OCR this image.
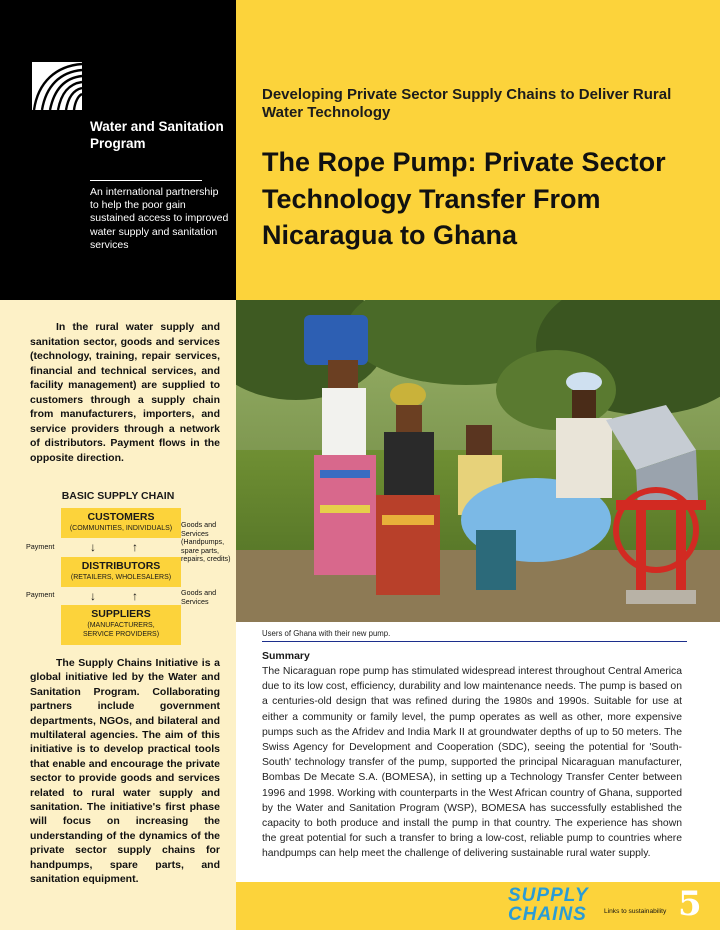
Water and Sanitation Program
An international partnership to help the poor gain sustained access to improved water supply and sanitation services
Developing Private Sector Supply Chains to Deliver Rural Water Technology
The Rope Pump: Private Sector Technology Transfer From Nicaragua to Ghana
In the rural water supply and sanitation sector, goods and services (technology, training, repair services, financial and technical services, and facility management) are supplied to customers through a supply chain from manufacturers, importers, and service providers through a network of distributors. Payment flows in the opposite direction.
BASIC SUPPLY CHAIN
CUSTOMERS
(COMMUNITIES, INDIVIDUALS)
DISTRIBUTORS
(RETAILERS, WHOLESALERS)
SUPPLIERS
(MANUFACTURERS, SERVICE PROVIDERS)
↓	↑
Payment
Goods and Services (Handpumps, spare parts, repairs, credits)
↓	↑
Payment	Goods and Services
The Supply Chains Initiative is a global initiative led by the Water and Sanitation Program. Collaborating partners include government departments, NGOs, and bilateral and multilateral agencies. The aim of this initiative is to develop practical tools that enable and encourage the private sector to provide goods and services related to rural water supply and sanitation. The initiative's first phase will focus on increasing the understanding of the dynamics of the private sector supply chains for handpumps, spare parts, and sanitation equipment.
Users of Ghana with their new pump.
Summary
The Nicaraguan rope pump has stimulated widespread interest throughout Central America due to its low cost, efficiency, durability and low maintenance needs. The pump is based on a centuries-old design that was refined during the 1980s and 1990s. Suitable for use at either a community or family level, the pump operates as well as other, more expensive pumps such as the Afridev and India Mark II at groundwater depths of up to 50 meters. The Swiss Agency for Development and Cooperation (SDC), seeing the potential for 'South-South' technology transfer of the pump, supported the principal Nicaraguan manufacturer, Bombas De Mecate S.A. (BOMESA), in setting up a Technology Transfer Center between 1996 and 1998. Working with counterparts in the West African country of Ghana, supported by the Water and Sanitation Program (WSP), BOMESA has successfully established the capacity to both produce and install the pump in that country. The experience has shown the great potential for such a transfer to bring a low-cost, reliable pump to countries where handpumps can help meet the challenge of delivering sustainable rural water supply.
SUPPLY
CHAINS	Links to sustainability 5
